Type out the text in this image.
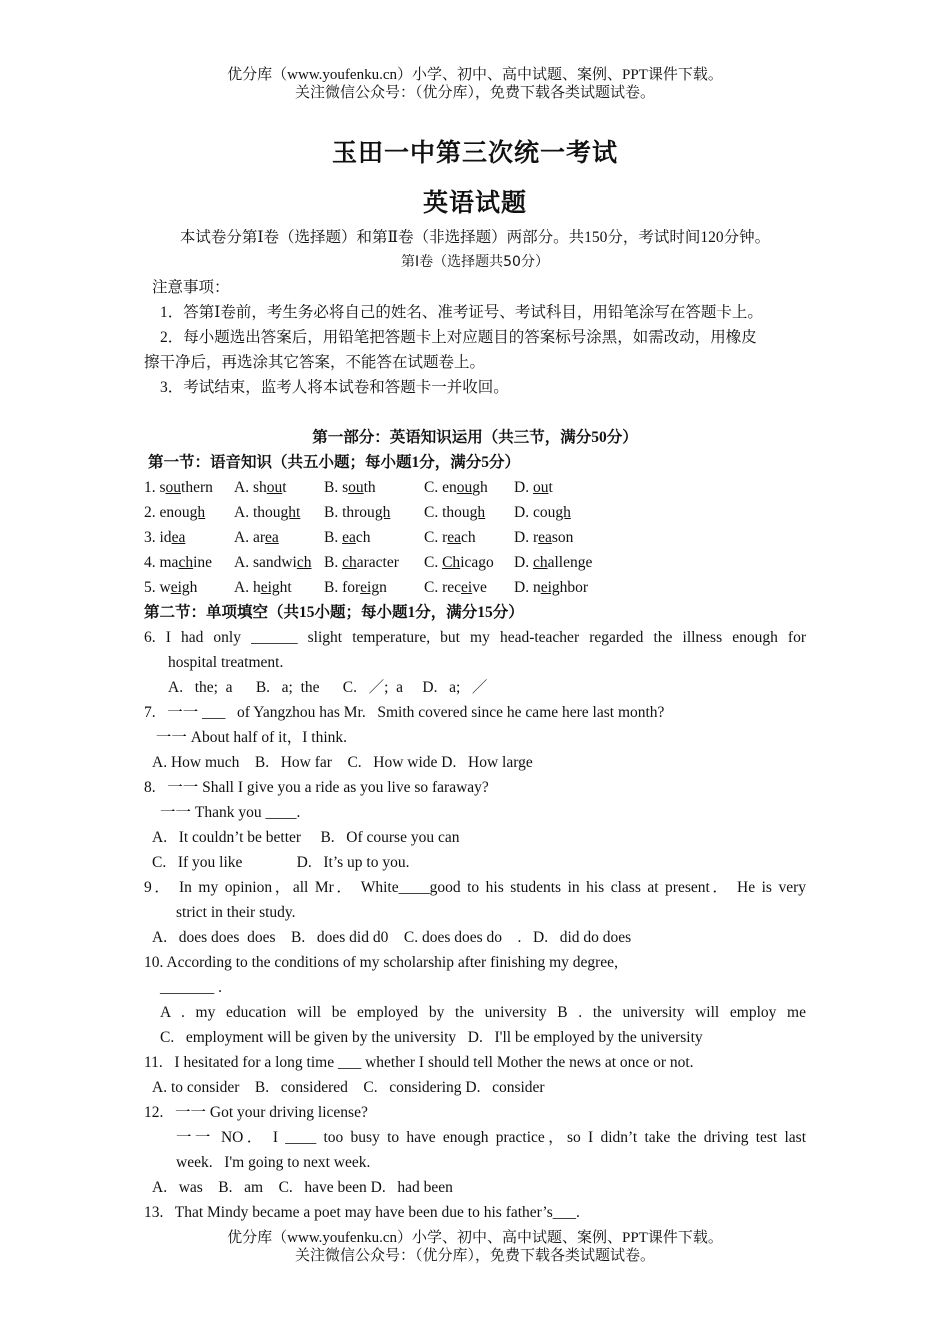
优分库（www.youfenku.cn）小学、初中、高中试题、案例、PPT课件下载。
关注微信公众号：（优分库），免费下载各类试题试卷。
玉田一中第三次统一考试
英语试题
本试卷分第Ⅰ卷（选择题）和第Ⅱ卷（非选择题）两部分。共150分，考试时间120分钟。
第Ⅰ卷（选择题共50分）
注意事项：
1．答第Ⅰ卷前，考生务必将自己的姓名、准考证号、考试科目，用铅笔涂写在答题卡上。
2．每小题选出答案后，用铅笔把答题卡上对应题目的答案标号涂黑，如需改动，用橡皮
擦干净后，再选涂其它答案，不能答在试题卷上。
3．考试结束，监考人将本试卷和答题卡一并收回。
第一部分：英语知识运用（共三节，满分50分）
第一节：语音知识（共五小题；每小题1分，满分5分）
1. southern A. shout B. south	C. enough D. out
2. enough A. thought B. through C. though D. cough
3. idea	A. area	B. each	C. reach D. reason
4. machine A. sandwich B. character C. Chicago D. challenge
5. weigh A. height B. foreign C. receive D. neighbor
第二节：单项填空（共15小题；每小题1分，满分15分）
6. I had only ______ slight temperature, but my head-teacher regarded the illness enough for
hospital treatment.
A.   the;  a      B.   a;  the      C.   ／;  a     D.   a;   ／
7.   一一 ___   of Yangzhou has Mr.   Smith covered since he came here last month?
一一 About half of it，I think.
A. How much    B.   How far    C.   How wide D.   How large
8.   一一 Shall I give you a ride as you live so faraway?
一一 Thank you ____.
A.   It couldn’t be better     B.   Of course you can
C.   If you like              D.   It’s up to you.
9． In my opinion，all Mr． White____good to his students in his class at present． He is very
strict in their study.
A.   does does  does    B.   does did d0    C. does does do    .   D.   did do does
10. According to the conditions of my scholarship after finishing my degree,
_______ .
A . my education will be employed by the university B . the university will employ me
C.   employment will be given by the university   D.   I'll be employed by the university
11.   I hesitated for a long time ___ whether I should tell Mother the news at once or not.
A. to consider    B.   considered    C.   considering D.   consider
12.   一一 Got your driving license?
一一 NO． I ____ too busy to have enough practice，so I didn’t take the driving test last
week.   I'm going to next week.
A.   was    B.   am    C.   have been D.   had been
13.   That Mindy became a poet may have been due to his father’s___.
优分库（www.youfenku.cn）小学、初中、高中试题、案例、PPT课件下载。
关注微信公众号：（优分库），免费下载各类试题试卷。
